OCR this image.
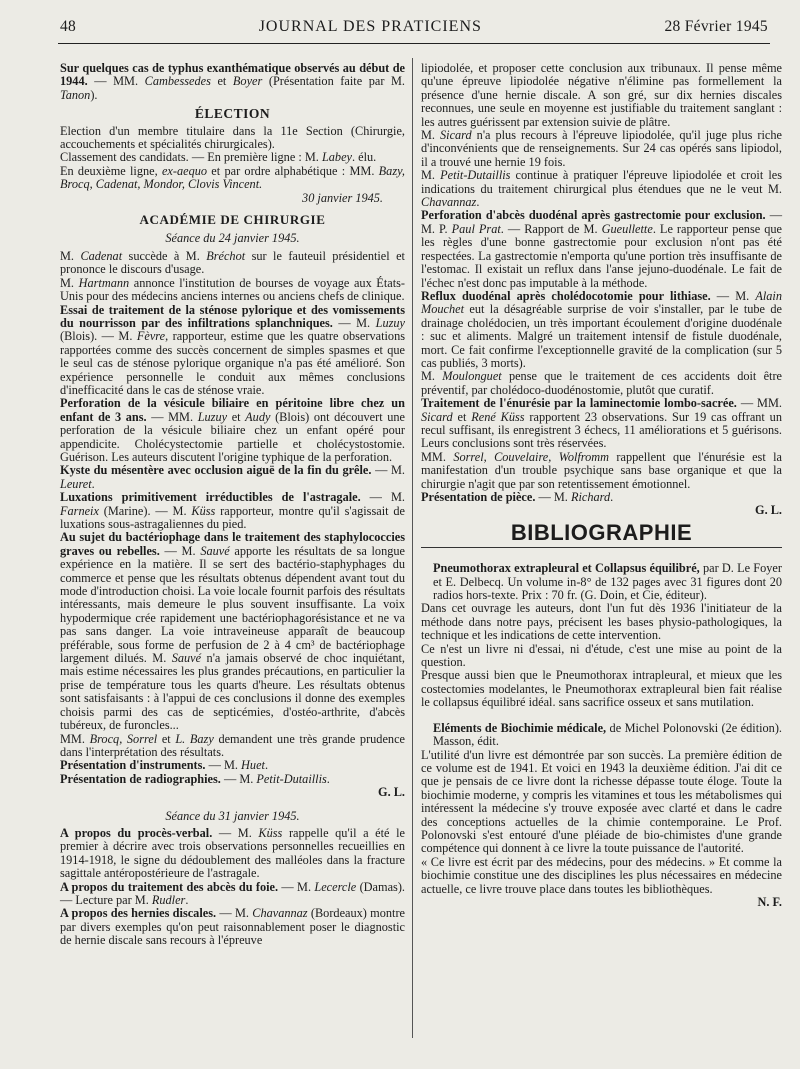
48	JOURNAL DES PRATICIENS	28 Février 1945

Sur quelques cas de typhus exanthématique observés au début de 1944. — MM. Cambessedes et Boyer (Présentation faite par M. Tanon).

ÉLECTION

Election d'un membre titulaire dans la 11e Section (Chirurgie, accouchements et spécialités chirurgicales).

Classement des candidats. — En première ligne : M. Labey. élu.

En deuxième ligne, ex-aequo et par ordre alphabétique : MM. Bazy, Brocq, Cadenat, Mondor, Clovis Vincent.

30 janvier 1945.

ACADÉMIE DE CHIRURGIE
Séance du 24 janvier 1945.

M. Cadenat succède à M. Bréchot sur le fauteuil présidentiel et prononce le discours d'usage.

M. Hartmann annonce l'institution de bourses de voyage aux États-Unis pour des médecins anciens internes ou anciens chefs de clinique.

Essai de traitement de la sténose pylorique et des vomissements du nourrisson par des infiltrations splanchniques. — M. Luzuy (Blois). — M. Fèvre, rapporteur, estime que les quatre observations rapportées comme des succès concernent de simples spasmes et que le seul cas de sténose pylorique organique n'a pas été amélioré. Son expérience personnelle le conduit aux mêmes conclusions d'inefficacité dans le cas de sténose vraie.

Perforation de la vésicule biliaire en péritoine libre chez un enfant de 3 ans. — MM. Luzuy et Audy (Blois) ont découvert une perforation de la vésicule biliaire chez un enfant opéré pour appendicite. Cholécystectomie partielle et cholécystostomie. Guérison. Les auteurs discutent l'origine typhique de la perforation.

Kyste du mésentère avec occlusion aiguë de la fin du grêle. — M. Leuret.

Luxations primitivement irréductibles de l'astragale. — M. Farneix (Marine). — M. Küss rapporteur, montre qu'il s'agissait de luxations sous-astragaliennes du pied.

Au sujet du bactériophage dans le traitement des staphylococcies graves ou rebelles. — M. Sauvé apporte les résultats de sa longue expérience en la matière. Il se sert des bactério-staphyphages du commerce et pense que les résultats obtenus dépendent avant tout du mode d'introduction choisi. La voie locale fournit parfois des résultats intéressants, mais demeure le plus souvent insuffisante. La voix hypodermique crée rapidement une bactériophagorésistance et ne va pas sans danger. La voie intraveineuse apparaît de beaucoup préférable, sous forme de perfusion de 2 à 4 cm³ de bactériophage largement dilués. M. Sauvé n'a jamais observé de choc inquiétant, mais estime nécessaires les plus grandes précautions, en particulier la prise de température tous les quarts d'heure. Les résultats obtenus sont satisfaisants : à l'appui de ces conclusions il donne des exemples choisis parmi des cas de septicémies, d'ostéo-arthrite, d'abcès tubéreux, de furoncles...

MM. Brocq, Sorrel et L. Bazy demandent une très grande prudence dans l'interprétation des résultats.

Présentation d'instruments. — M. Huet.

Présentation de radiographies. — M. Petit-Dutaillis.

G. L.

Séance du 31 janvier 1945.

A propos du procès-verbal. — M. Küss rappelle qu'il a été le premier à décrire avec trois observations personnelles recueillies en 1914-1918, le signe du dédoublement des malléoles dans la fracture sagittale antéropostérieure de l'astragale.

A propos du traitement des abcès du foie. — M. Lecercle (Damas). — Lecture par M. Rudler.

A propos des hernies discales. — M. Chavannaz (Bordeaux) montre par divers exemples qu'on peut raisonnablement poser le diagnostic de hernie discale sans recours à l'épreuve

lipiodolée, et proposer cette conclusion aux tribunaux. Il pense même qu'une épreuve lipiodolée négative n'élimine pas formellement la présence d'une hernie discale. A son gré, sur dix hernies discales reconnues, une seule en moyenne est justifiable du traitement sanglant : les autres guérissent par extension suivie de plâtre.

M. Sicard n'a plus recours à l'épreuve lipiodolée, qu'il juge plus riche d'inconvénients que de renseignements. Sur 24 cas opérés sans lipiodol, il a trouvé une hernie 19 fois.

M. Petit-Dutaillis continue à pratiquer l'épreuve lipiodolée et croit les indications du traitement chirurgical plus étendues que ne le veut M. Chavannaz.

Perforation d'abcès duodénal après gastrectomie pour exclusion. — M. P. Paul Prat. — Rapport de M. Gueullette. Le rapporteur pense que les règles d'une bonne gastrectomie pour exclusion n'ont pas été respectées. La gastrectomie n'emporta qu'une portion très insuffisante de l'estomac. Il existait un reflux dans l'anse jejuno-duodénale. Le fait de l'échec n'est donc pas imputable à la méthode.

Reflux duodénal après cholédocotomie pour lithiase. — M. Alain Mouchet eut la désagréable surprise de voir s'installer, par le tube de drainage cholédocien, un très important écoulement d'origine duodénale : suc et aliments. Malgré un traitement intensif de fistule duodénale, mort. Ce fait confirme l'exceptionnelle gravité de la complication (sur 5 cas publiés, 3 morts).

M. Moulonguet pense que le traitement de ces accidents doit être préventif, par cholédoco-duodénostomie, plutôt que curatif.

Traitement de l'énurésie par la laminectomie lombo-sacrée. — MM. Sicard et René Küss rapportent 23 observations. Sur 19 cas offrant un recul suffisant, ils enregistrent 3 échecs, 11 améliorations et 5 guérisons. Leurs conclusions sont très réservées.

MM. Sorrel, Couvelaire, Wolfromm rappellent que l'énurésie est la manifestation d'un trouble psychique sans base organique et que la chirurgie n'agit que par son retentissement émotionnel.

Présentation de pièce. — M. Richard.

G. L.

BIBLIOGRAPHIE

Pneumothorax extrapleural et Collapsus équilibré, par D. Le Foyer et E. Delbecq. Un volume in-8° de 132 pages avec 31 figures dont 20 radios hors-texte. Prix : 70 fr. (G. Doin, et Cie, éditeur).

Dans cet ouvrage les auteurs, dont l'un fut dès 1936 l'initiateur de la méthode dans notre pays, précisent les bases physio-pathologiques, la technique et les indications de cette intervention.

Ce n'est un livre ni d'essai, ni d'étude, c'est une mise au point de la question.

Presque aussi bien que le Pneumothorax intrapleural, et mieux que les costectomies modelantes, le Pneumothorax extrapleural bien fait réalise le collapsus équilibré idéal. sans sacrifice osseux et sans mutilation.

Eléments de Biochimie médicale, de Michel Polonovski (2e édition). Masson, édit.

L'utilité d'un livre est démontrée par son succès. La première édition de ce volume est de 1941. Et voici en 1943 la deuxième édition. J'ai dit ce que je pensais de ce livre dont la richesse dépasse toute éloge. Toute la biochimie moderne, y compris les vitamines et tous les métabolismes qui intéressent la médecine s'y trouve exposée avec clarté et dans le cadre des conceptions actuelles de la chimie contemporaine. Le Prof. Polonovski s'est entouré d'une pléiade de bio-chimistes d'une grande compétence qui donnent à ce livre la toute puissance de l'autorité.

« Ce livre est écrit par des médecins, pour des médecins. » Et comme la biochimie constitue une des disciplines les plus nécessaires en médecine actuelle, ce livre trouve place dans toutes les bibliothèques.

N. F.
